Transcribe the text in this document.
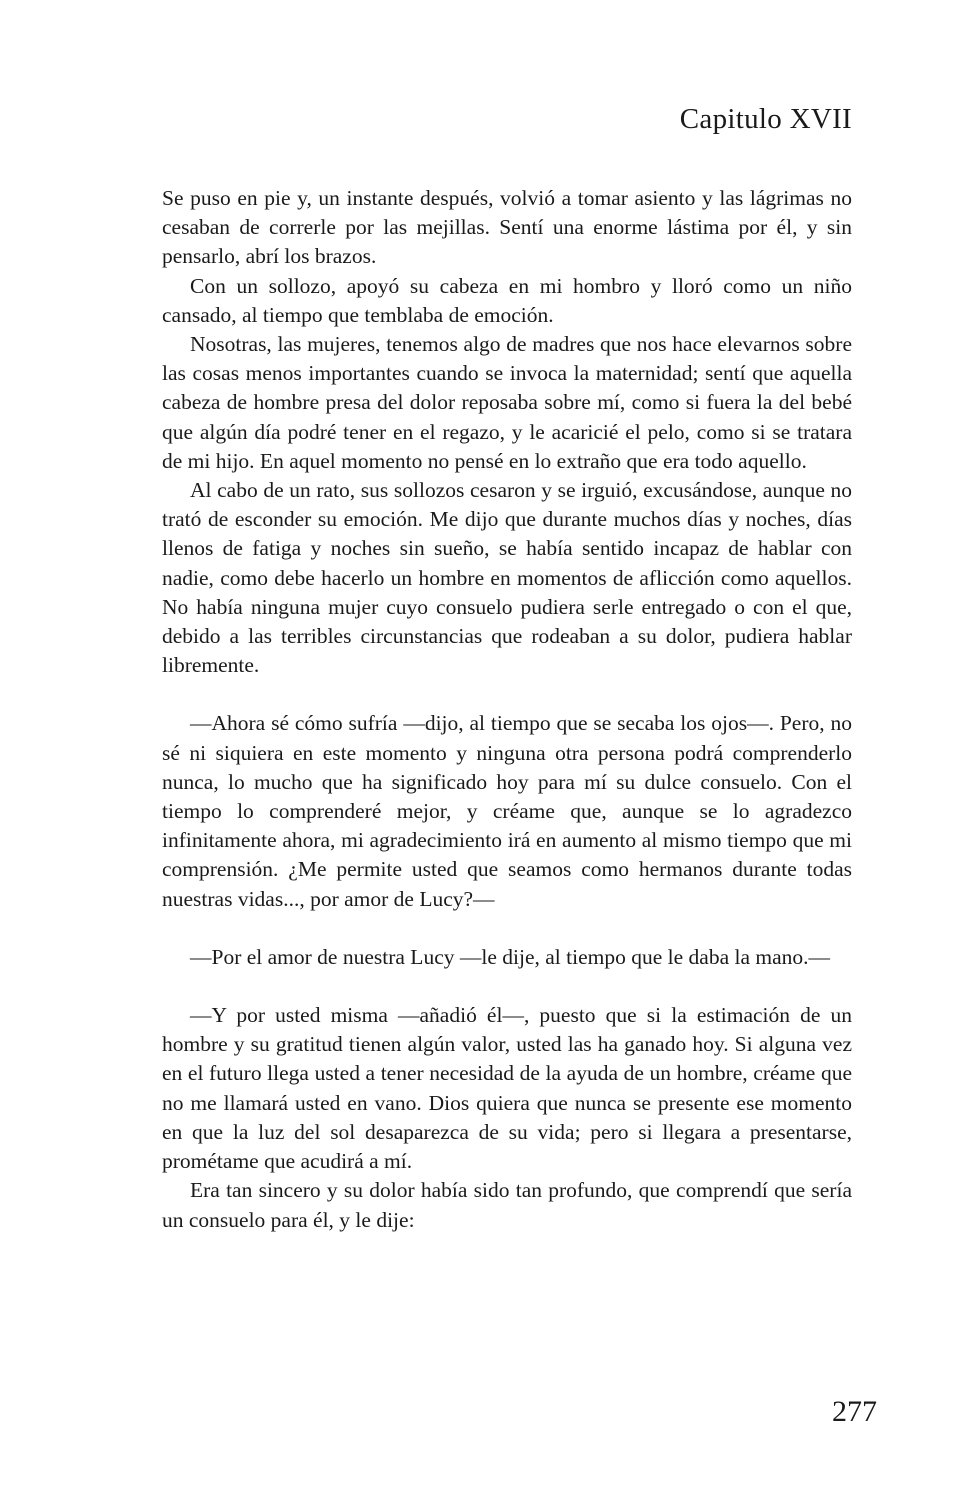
Capitulo XVII

Se puso en pie y, un instante después, volvió a tomar asiento y las lágrimas no cesaban de correrle por las mejillas. Sentí una enorme lástima por él, y sin pensarlo, abrí los brazos.

Con un sollozo, apoyó su cabeza en mi hombro y lloró como un niño cansado, al tiempo que temblaba de emoción.

Nosotras, las mujeres, tenemos algo de madres que nos hace elevarnos sobre las cosas menos importantes cuando se invoca la maternidad; sentí que aquella cabeza de hombre presa del dolor reposaba sobre mí, como si fuera la del bebé que algún día podré tener en el regazo, y le acaricié el pelo, como si se tratara de mi hijo. En aquel momento no pensé en lo extraño que era todo aquello.

Al cabo de un rato, sus sollozos cesaron y se irguió, excusándose, aunque no trató de esconder su emoción. Me dijo que durante muchos días y noches, días llenos de fatiga y noches sin sueño, se había sentido incapaz de hablar con nadie, como debe hacerlo un hombre en momentos de aflicción como aquellos. No había ninguna mujer cuyo consuelo pudiera serle entregado o con el que, debido a las terribles circunstancias que rodeaban a su dolor, pudiera hablar libremente.

—Ahora sé cómo sufría —dijo, al tiempo que se secaba los ojos—. Pero, no sé ni siquiera en este momento y ninguna otra persona podrá comprenderlo nunca, lo mucho que ha significado hoy para mí su dulce consuelo. Con el tiempo lo comprenderé mejor, y créame que, aunque se lo agradezco infinitamente ahora, mi agradecimiento irá en aumento al mismo tiempo que mi comprensión. ¿Me permite usted que seamos como hermanos durante todas nuestras vidas..., por amor de Lucy?—

—Por el amor de nuestra Lucy —le dije, al tiempo que le daba la mano.—

—Y por usted misma —añadió él—, puesto que si la estimación de un hombre y su gratitud tienen algún valor, usted las ha ganado hoy. Si alguna vez en el futuro llega usted a tener necesidad de la ayuda de un hombre, créame que no me llamará usted en vano. Dios quiera que nunca se presente ese momento en que la luz del sol desaparezca de su vida; pero si llegara a presentarse, prométame que acudirá a mí.

Era tan sincero y su dolor había sido tan profundo, que comprendí que sería un consuelo para él, y le dije:

277
